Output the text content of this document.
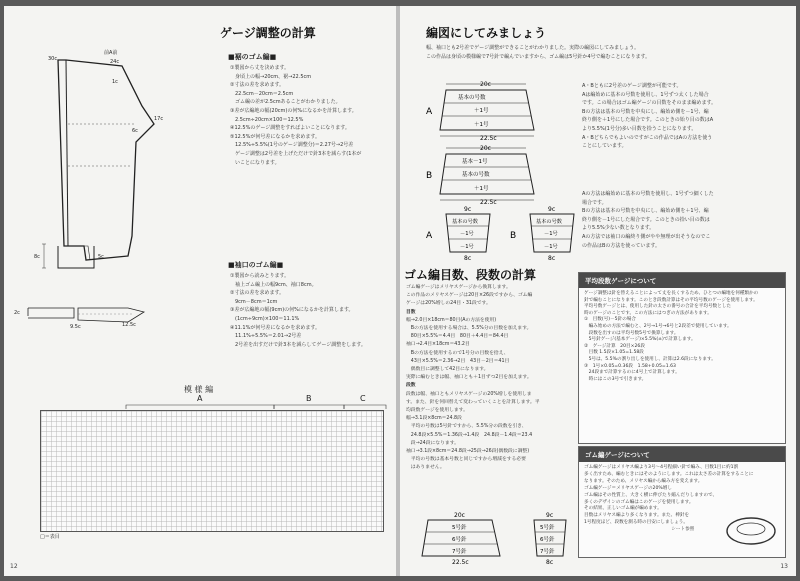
ゲージ調整の計算
30c
前A前
24c
1c
17c
6c
8c	5c
2c
9.5c	12.5c
■裾のゴム編■

①製図から丈を決めます。

　身頃上の幅→20cm、裾→22.5cm

②寸法の差を求めます。

　22.5cm－20cm＝2.5cm

　ゴム編の差が2.5cmあることがわかりました。

③差が広編地の幅(20cm)の何%になるかを計算します。

　2.5cm÷20cm×100＝12.5%

④12.5%のゲージ調整をすればよいことになります。

⑤12.5%が何号差になるかを求めます。

　12.5%÷5.5%(1号のゲージ調整分)＝2.27号→2号差

　ゲージ調整は2号差を上げただけで針3本を減らす(1本が

　いことになります。

■袖口のゴム編■

①製図から読みとります。

　袖上ゴム編上の幅9cm、袖口8cm。

②寸法の差を求めます。

　9cm－8cm＝1cm

③差が広編地の幅(9cm)の何%になるかを計算します。

　(1cm÷9cm)×100＝11.1%

④11.1%が何号差になるかを求めます。

　11.1%÷5.5%＝2.01→2号差

　2号差を出すだけで針3本を減らしてゲージ調整をします。

模 様 編
A	B	C
□＝表目
12
編図にしてみましょう

幅、袖口とも2号差でゲージ調整ができることがわかりました。実際の編図にしてみましょう。

この作品は身頃の模様編で7号針で編んでいますから、ゴム編は5号針か4号で編むことになります。

A
20c
基本の号数
＋1号
＋1号
22.5c
B
20c
基本－1号
基本の号数
＋1号
22.5c
A
9c
基本の号数
－1号
－1号
8c
B
9c
基本の号数
－1号
－1号
8c

A・Bともに2号差のゲージ調整が可能です。

Aは編始めに基本の号数を使用し、1号ずつ太くした場合

です。この場合はゴム編ゲージの目数をそのまま編めます。

Bの方法は基本の号数を中央にし、編始め側を－1号、編

終り側を＋1号にした場合です。このときの始り目の数はA

より5.5%(1号分)多い目数を拾うことになります。

A・Bどちらでもよいのですがこの作品ではAの方法を使う

ことにしています。

Aの方法は編始めに基本の号数を使用し、1号ずつ細くした

場合です。

Bの方法は基本の号数を中央にし、編始め側を＋1号、編

終り側を－1号にした場合です。このときの拾い目の数は

より5.5%少ない数となります。

Aの方法では袖口の編終り側がやや無理が出そうなのでこ

の作品はBの方法を使っています。

ゴム編目数、段数の計算

ゴム編ゲージはメリヤスゲージから換算します。

この作品のメリヤスゲージは20目×26段ですから、ゴム編

ゲージは20%増しの24目・31段です。

目数

幅→2.0目×18cm＝80目(Aの方法を使用)

　Bの方法を使用する場合は、5.5%分の目数を加えます。

　80目×5.5%＝4.4目　80目＋4.4目＝84.4目

袖口→2.4目×18cm＝43.2目

　Bの方法を使用するので1号分の目数を拾え、

　43目×5.5%＝2.36→2目　43目－2目＝41目

　偶数目に調整して42目になります。

実際に編むときは幅、袖口とも＋1目ずつ2目を加えます。

段数

段数は幅、袖口ともメリヤスゲージの20%増しを使用しま

す。また、針を何回替えて変わっていくことを計算します。平

均段数ゲージを使用します。

幅→3.1段×8cm＝24.8段

　平均の号数は5号針ですから、5.5%分の段数を引き、

　24.8段×5.5%＝1.36段→1.4段　24.8段－1.4段＝23.4

　段→24段になります。

袖口→3.1段×8cm＝24.8段→25段→26段(偶数段に調整)

　平均の号数は基本号数と同じですから増減をする必要

　はありません。

20c
5号針
6号針
7号針
22.5c
9c
5号針
6号針
7号針
8c
平均段数ゲージについて

ゲージ調整は針を替えることによって丈を長くするため、ひとつの編地を何種類かの

針で編むことになります。このとき段数計算はその平均号数のゲージを使用します。

平均号数ゲージとは、使用した針の太さの番号の合計を平均号数とした

時のゲージのことです。この方法にはつぎの方法があります。

①　目数(号)－5針の場合

　編み始めの方法で編むと、2号→1号→6号と2段差で使用しています。

　段数を出すのは平均号数5号で換算します。

　5号針ゲージ(基本ゲージ)×5.5%(±)で計算します。

②　ゲージ計算　20目×26段

　目数 1.5段×1.05=1.58段

　5号は、5.5%の割り出しを使用し、計算は2.6段になります。

③　1号×0.05=0.36段　1.58+0.05=1.63

　24段まで計算するのに4号上で計算します。

　時にはこの3号で引きます。

ゴム編ゲージについて

ゴム編ゲージはメリヤス編より3号～4号程細い針で編み、目数1目に約1割

多く出すため、編むときにはそのようにします。これは太さ差の計算をすることに

なります。そのため、メリヤス編から編み方を変えます。

ゴム編ゲージ＝メリヤスゲージの20%増し

ゴム編はその性質上、大きく横に伸びたり縮んだりしますので、

多くのデザインのゴム編はこのゲージを使用します。

その結果、正しいゴム編が編めます。

目数はメリヤス編より多くなります。また、棒針を

1号程度ほど、段数を測る時の目安にしましょう。

　　　　　　　　　　　　　　　　　　　シート参照

13
